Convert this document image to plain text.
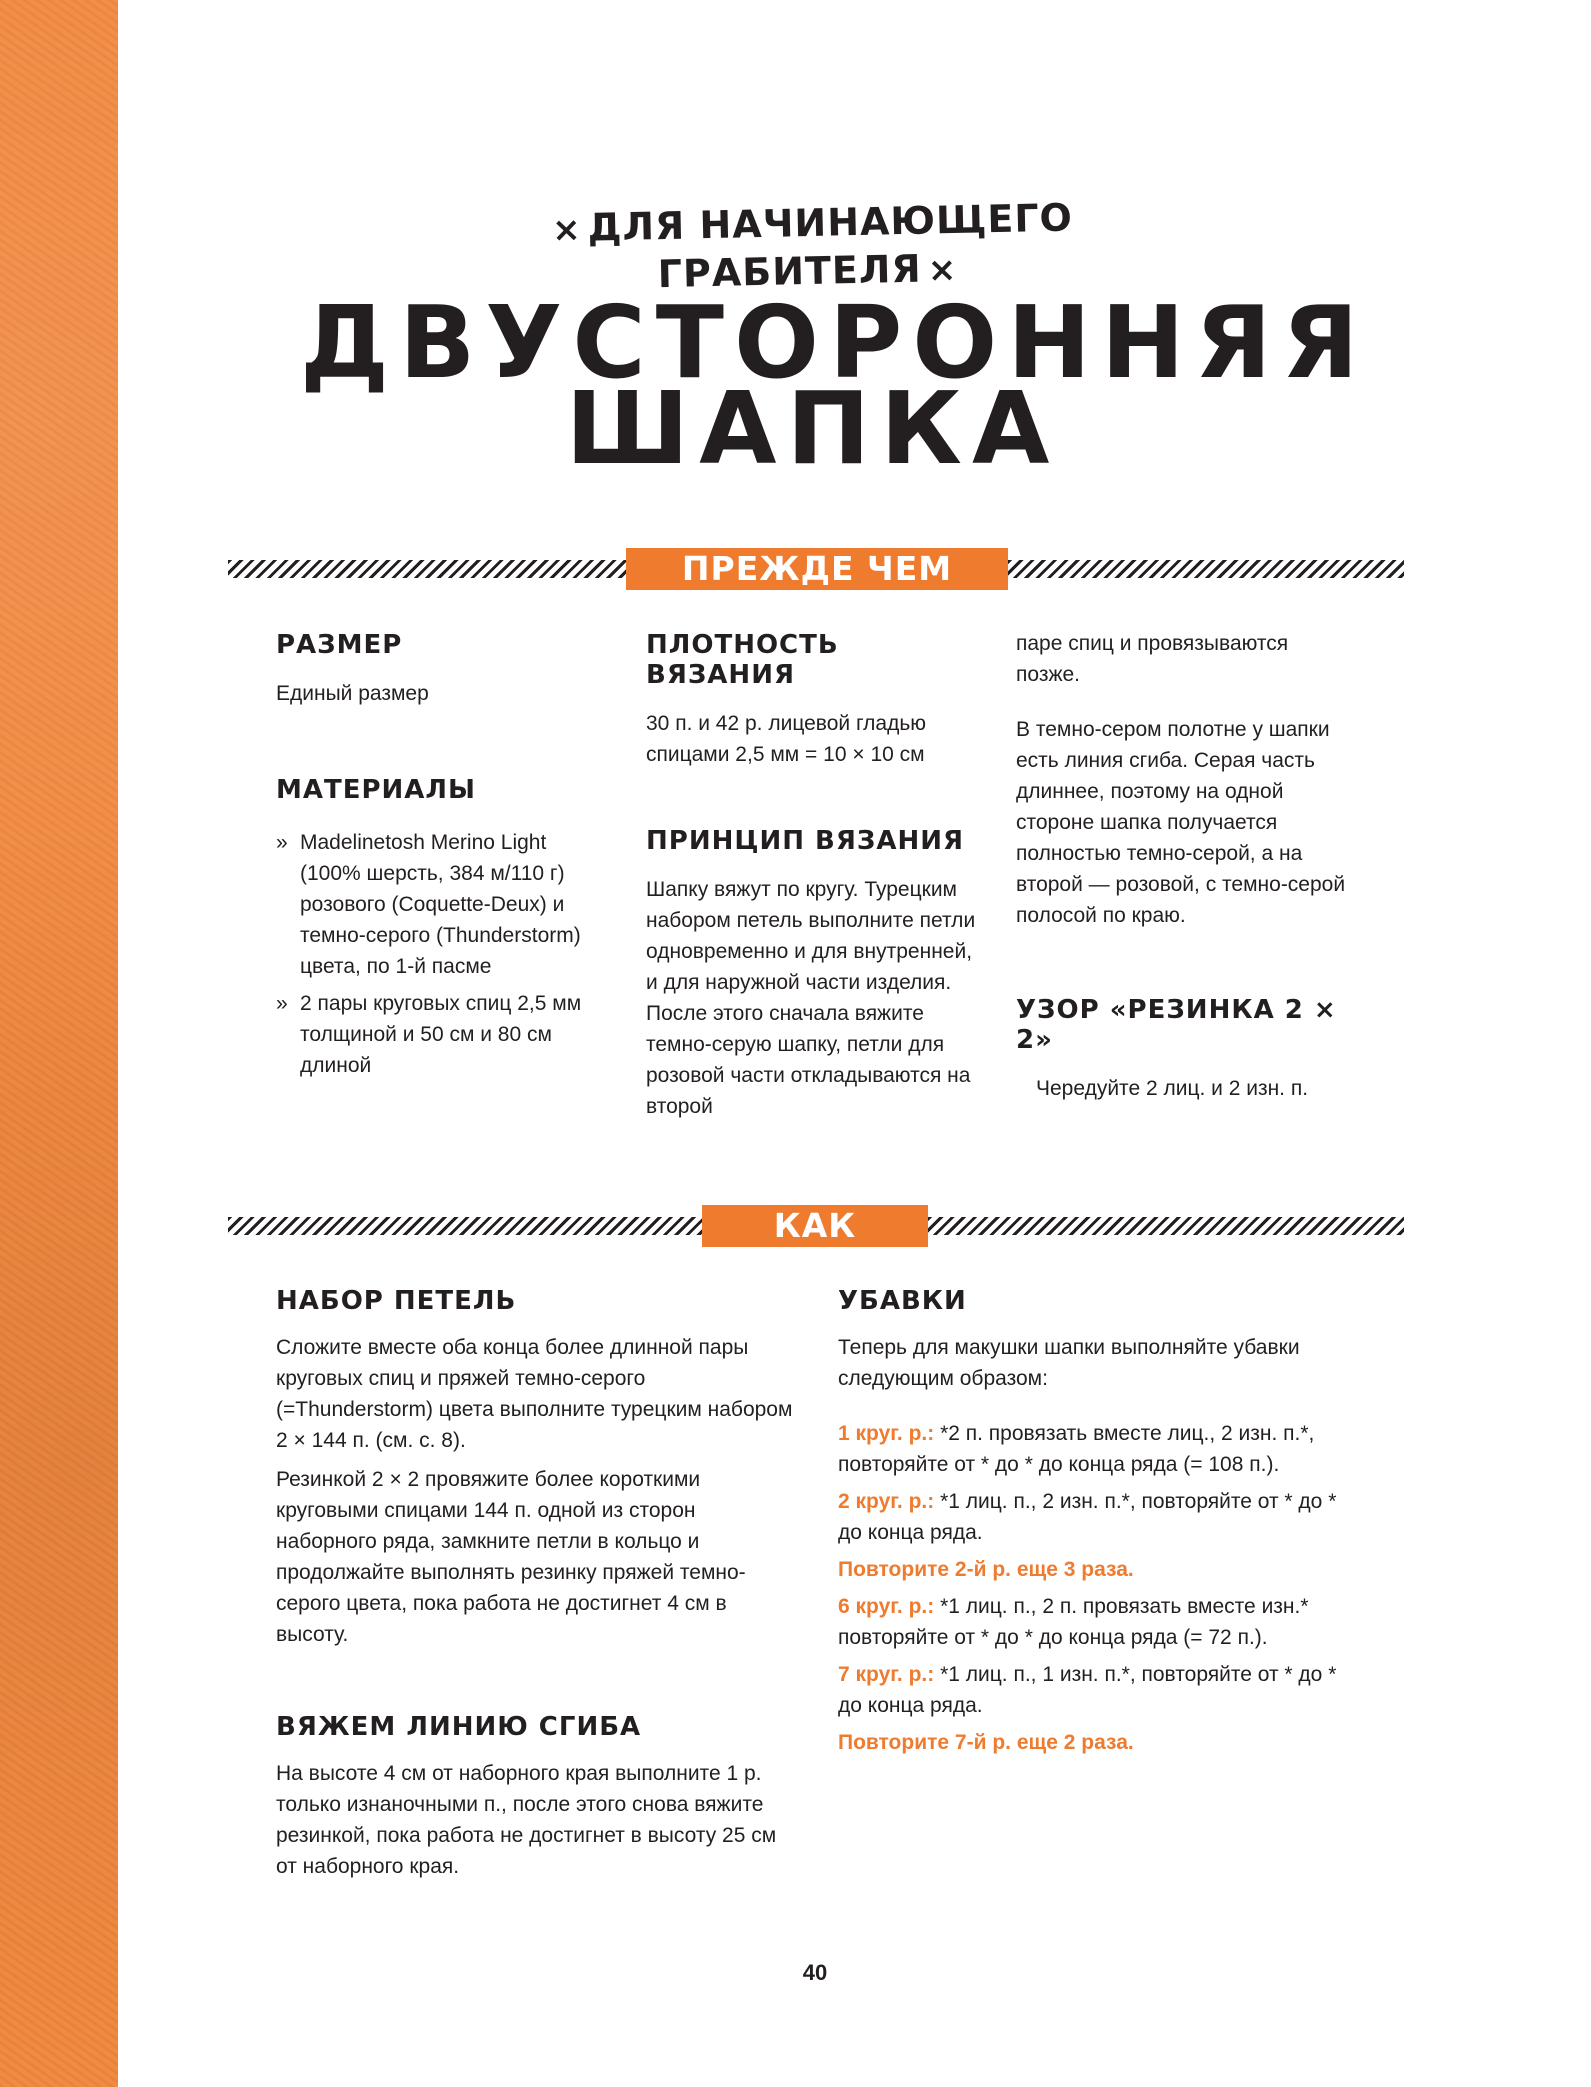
× ДЛЯ НАЧИНАЮЩЕГО ГРАБИТЕЛЯ ×
ДВУСТОРОННЯЯ
ШАПКА
ПРЕЖДЕ ЧЕМ НАЧАТЬ
РАЗМЕР

Единый размер

МАТЕРИАЛЫ
» Madelinetosh Merino Light (100% шерсть, 384 м/110 г) розового (Coquette-Deux) и темно-серого (Thunderstorm) цвета, по 1-й пасме
» 2 пары круговых спиц 2,5 мм толщиной и 50 см и 80 см длиной
ПЛОТНОСТЬ ВЯЗАНИЯ

30 п. и 42 р. лицевой гладью спицами 2,5 мм = 10 × 10 см

ПРИНЦИП ВЯЗАНИЯ

Шапку вяжут по кругу. Турецким набором петель выполните петли одновременно и для внутренней, и для наружной части изделия. После этого сначала вяжите темно-серую шапку, петли для розовой части откладываются на второй

паре спиц и провязываются позже.

В темно-сером полотне у шапки есть линия сгиба. Серая часть длиннее, поэтому на одной стороне шапка получается полностью темно-серой, а на второй — розовой, с темно-серой полосой по краю.

УЗОР «РЕЗИНКА 2 × 2»

Чередуйте 2 лиц. и 2 изн. п.

КАК ВЯЗАТЬ
НАБОР ПЕТЕЛЬ

Сложите вместе оба конца более длинной пары круговых спиц и пряжей темно-серого (=Thunderstorm) цвета выполните турецким набором 2 × 144 п. (см. с. 8).

Резинкой 2 × 2 провяжите более короткими круговыми спицами 144 п. одной из сторон наборного ряда, замкните петли в кольцо и продолжайте выполнять резинку пряжей темно-серого цвета, пока работа не достигнет 4 см в высоту.

ВЯЖЕМ ЛИНИЮ СГИБА

На высоте 4 см от наборного края выполните 1 р. только изнаночными п., после этого снова вяжите резинкой, пока работа не достигнет в высоту 25 см от наборного края.

УБАВКИ

Теперь для макушки шапки выполняйте убавки следующим образом:

1 круг. р.: *2 п. провязать вместе лиц., 2 изн. п.*, повторяйте от * до * до конца ряда (= 108 п.).

2 круг. р.: *1 лиц. п., 2 изн. п.*, повторяйте от * до * до конца ряда.

Повторите 2-й р. еще 3 раза.

6 круг. р.: *1 лиц. п., 2 п. провязать вместе изн.* повторяйте от * до * до конца ряда (= 72 п.).

7 круг. р.: *1 лиц. п., 1 изн. п.*, повторяйте от * до * до конца ряда.

Повторите 7-й р. еще 2 раза.

40
